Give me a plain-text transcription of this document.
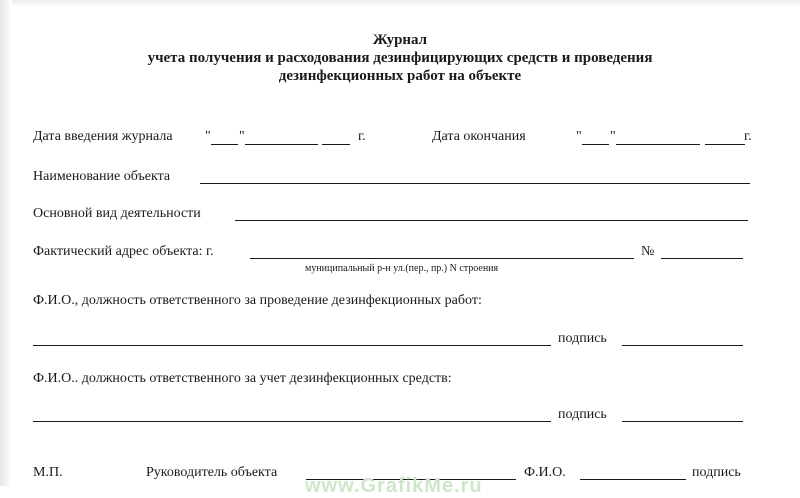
Журнал
учета получения и расходования дезинфицирующих средств и проведения
дезинфекционных работ на объекте
Дата введения журнала " "	г.	Дата окончания	" "	г.
Наименование объекта
Основной вид деятельности
Фактический адрес объекта: г.	№
муниципальный р-н ул.(пер., пр.) N строения
Ф.И.О., должность ответственного за проведение дезинфекционных работ:
подпись
Ф.И.О.. должность ответственного за учет дезинфекционных средств:
подпись
М.П.	Руководитель объекта	Ф.И.О.	подпись
www.GrafikMe.ru
